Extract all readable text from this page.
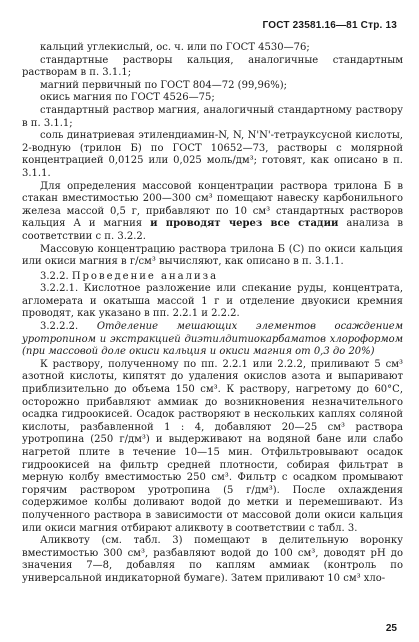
ГОСТ 23581.16—81 Стр. 13

кальций углекислый, ос. ч. или по ГОСТ 4530—76;

стандартные растворы кальция, аналогичные стандартным растворам в п. 3.1.1;

магний первичный по ГОСТ 804—72 (99,96%);

окись магния по ГОСТ 4526—75;

стандартный раствор магния, аналогичный стандартному раствору в п. 3.1.1;

соль динатриевая этилендиамин-N, N, N'N'-тетрауксусной кислоты, 2-водную (трилон Б) по ГОСТ 10652—73, растворы с молярной концентрацией 0,0125 или 0,025 моль/дм³; готовят, как описано в п. 3.1.1.

Для определения массовой концентрации раствора трилона Б в стакан вместимостью 200—300 см³ помещают навеску карбонильного железа массой 0,5 г, прибавляют по 10 см³ стандартных растворов кальция А и магния и проводят через все стадии анализа в соответствии с п. 3.2.2.

Массовую концентрацию раствора трилона Б (С) по окиси кальция или окиси магния в г/см³ вычисляют, как описано в п. 3.1.1.

3.2.2. Проведение анализа

3.2.2.1. Кислотное разложение или спекание руды, концентрата, агломерата и окатыша массой 1 г и отделение двуокиси кремния проводят, как указано в пп. 2.2.1 и 2.2.2.

3.2.2.2. Отделение мешающих элементов осаждением уротропином и экстракцией диэтилдитиокарбаматов хлороформом (при массовой доле окиси кальция и окиси магния от 0,3 до 20%)

К раствору, полученному по пп. 2.2.1 или 2.2.2, приливают 5 см³ азотной кислоты, кипятят до удаления окислов азота и выпаривают приблизительно до объема 150 см³. К раствору, нагретому до 60°С, осторожно прибавляют аммиак до возникновения незначительного осадка гидроокисей. Осадок растворяют в нескольких каплях соляной кислоты, разбавленной 1 : 4, добавляют 20—25 см³ раствора уротропина (250 г/дм³) и выдерживают на водяной бане или слабо нагретой плите в течение 10—15 мин. Отфильтровывают осадок гидроокисей на фильтр средней плотности, собирая фильтрат в мерную колбу вместимостью 250 см³. Фильтр с осадком промывают горячим раствором уротропина (5 г/дм³). После охлаждения содержимое колбы доливают водой до метки и перемешивают. Из полученного раствора в зависимости от массовой доли окиси кальция или окиси магния отбирают аликвоту в соответствии с табл. 3.

Аликвоту (см. табл. 3) помещают в делительную воронку вместимостью 300 см³, разбавляют водой до 100 см³, доводят pH до значения 7—8, добавляя по каплям аммиак (контроль по универсальной индикаторной бумаге). Затем приливают 10 см³ хло-

25
